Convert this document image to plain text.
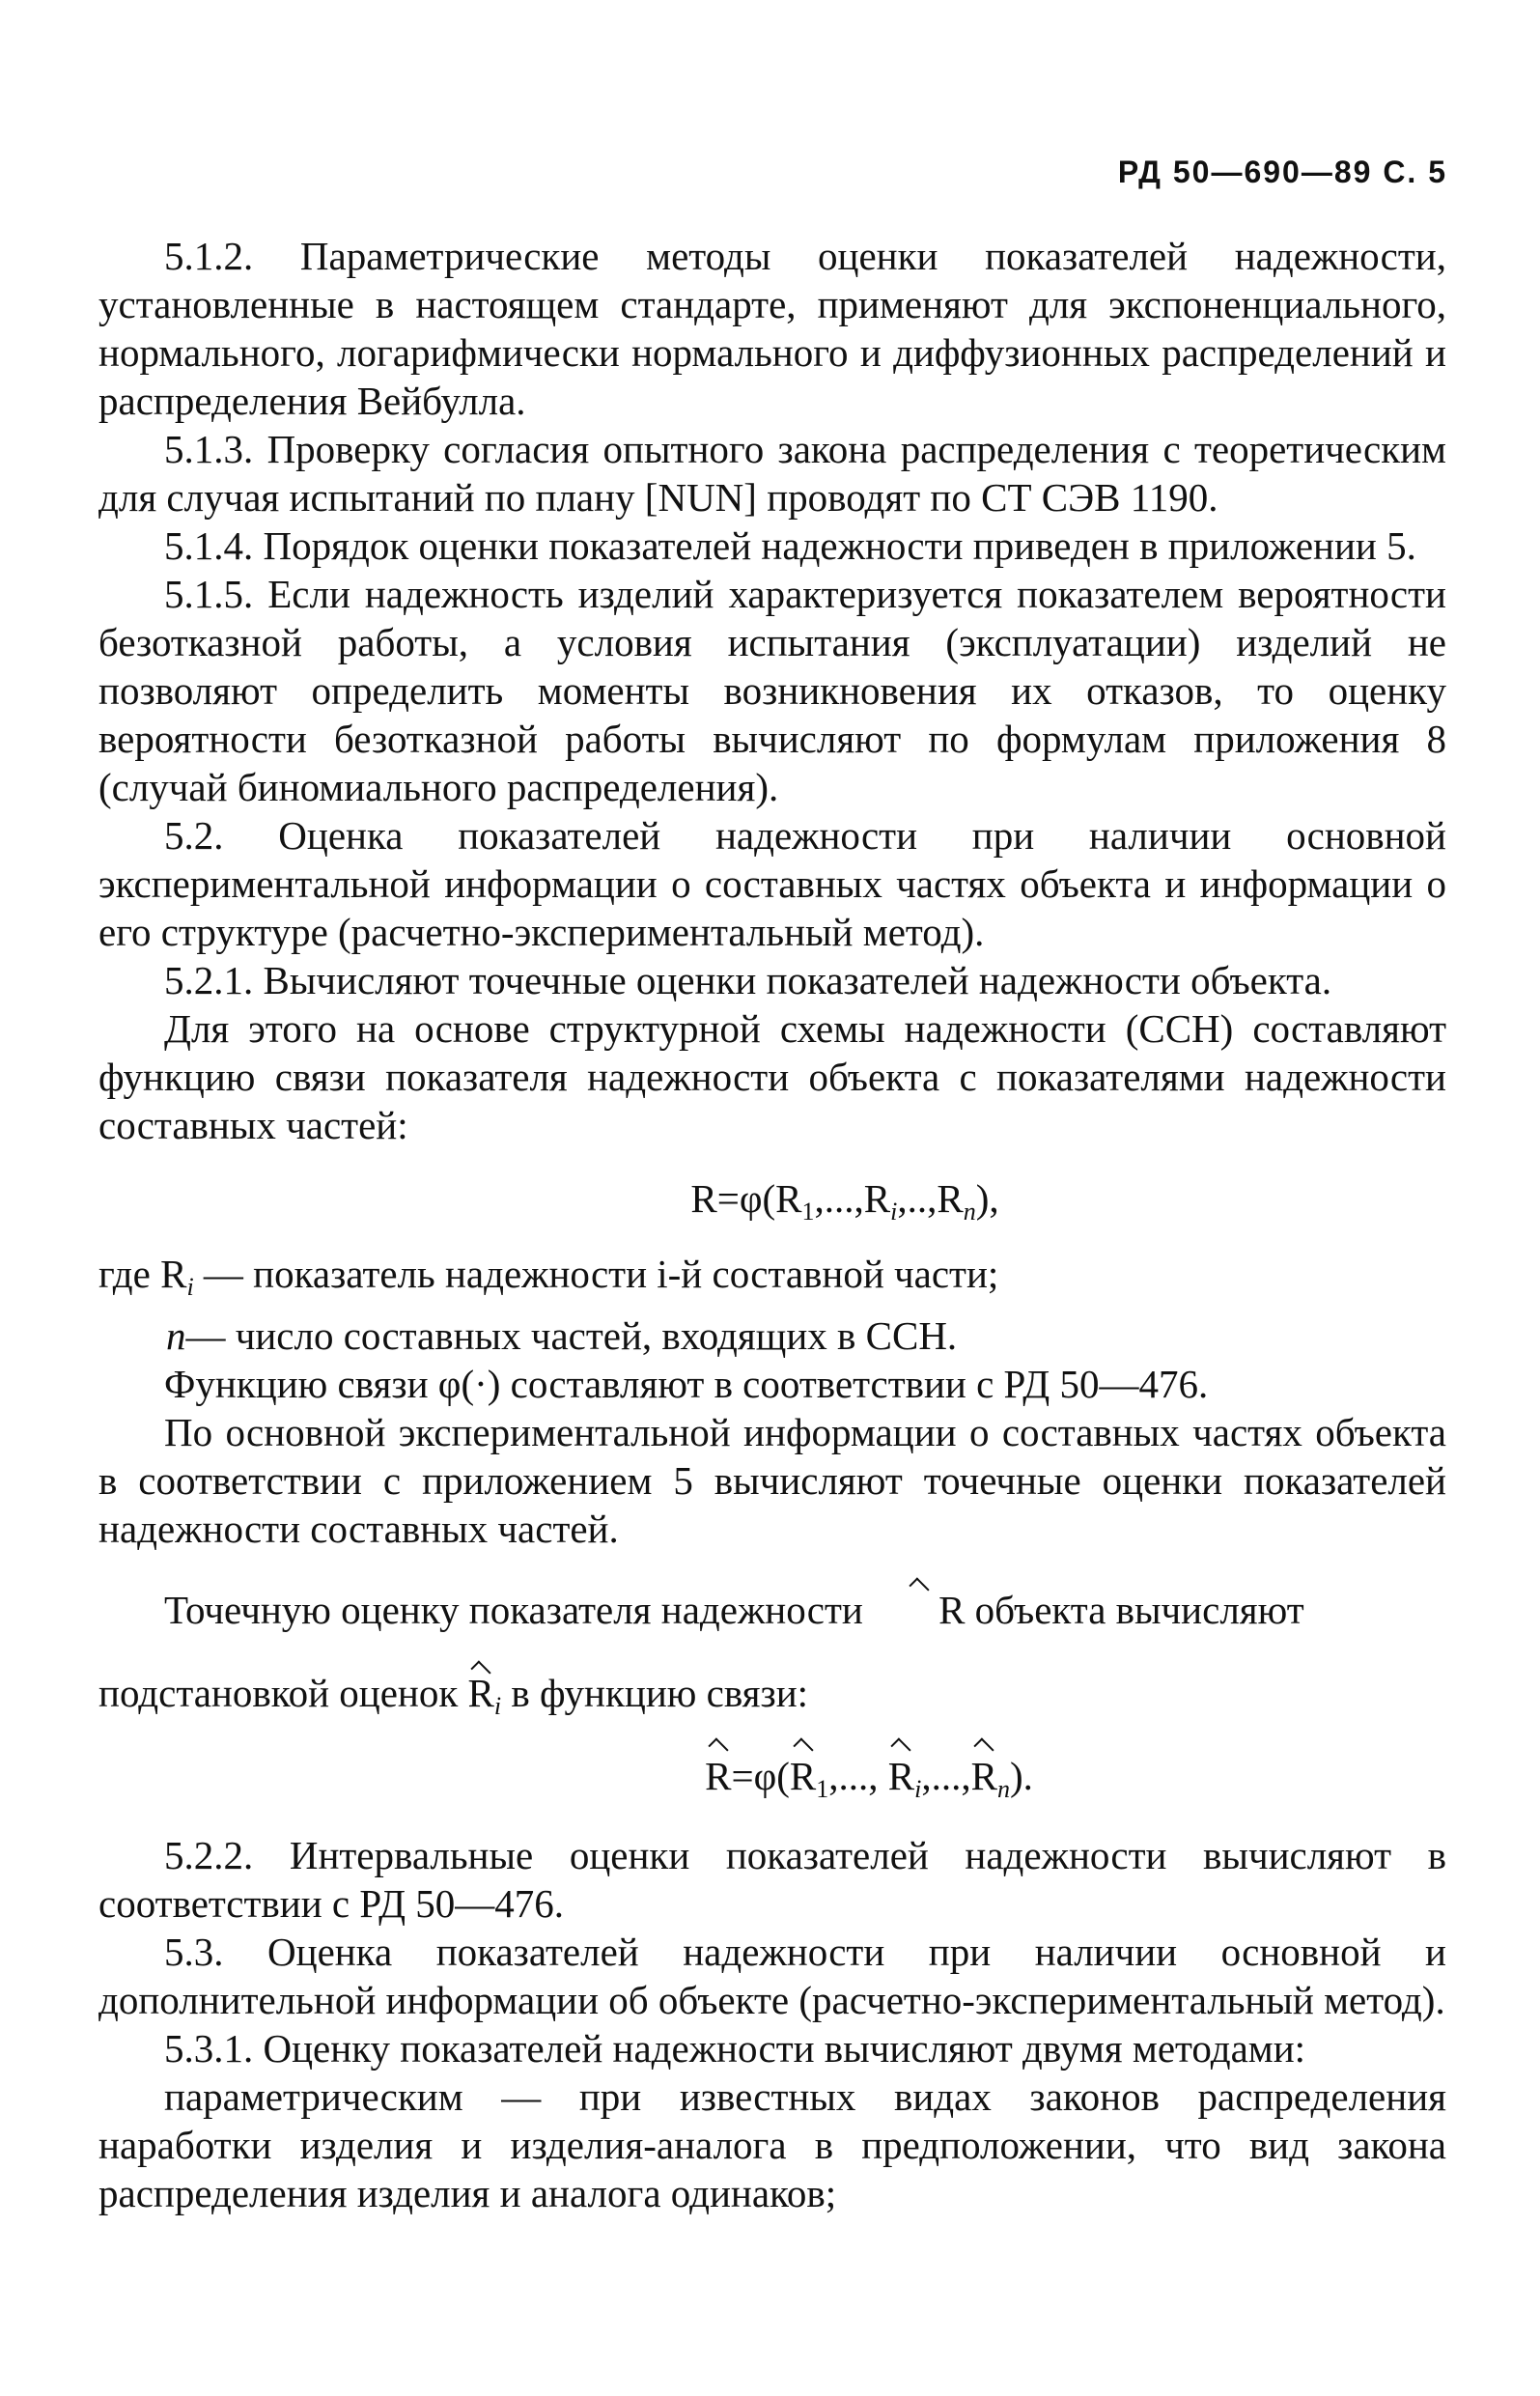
РД 50—690—89 С. 5

5.1.2. Параметрические методы оценки показателей надежности, установленные в настоящем стандарте, применяют для экспоненциального, нормального, логарифмически нормального и диффузионных распределений и распределения Вейбулла.

5.1.3. Проверку согласия опытного закона распределения с теоретическим для случая испытаний по плану [NUN] проводят по СТ СЭВ 1190.

5.1.4. Порядок оценки показателей надежности приведен в приложении 5.

5.1.5. Если надежность изделий характеризуется показателем вероятности безотказной работы, а условия испытания (эксплуатации) изделий не позволяют определить моменты возникновения их отказов, то оценку вероятности безотказной работы вычисляют по формулам приложения 8 (случай биномиального распределения).

5.2. Оценка показателей надежности при наличии основной экспериментальной информации о составных частях объекта и информации о его структуре (расчетно-экспериментальный метод).

5.2.1. Вычисляют точечные оценки показателей надежности объекта.

Для этого на основе структурной схемы надежности (ССН) составляют функцию связи показателя надежности объекта с показателями надежности составных частей:

$R=\varphi(R_1,...,R_i,..,R_n)$,

где $R_i$ — показатель надежности i-й составной части;

n— число составных частей, входящих в ССН.

Функцию связи φ(·) составляют в соответствии с РД 50—476.

По основной экспериментальной информации о составных частях объекта в соответствии с приложением 5 вычисляют точечные оценки показателей надежности составных частей.

Точечную оценку показателя надежности R объекта вычисляют

подстановкой оценок $R_i$ в функцию связи:

$R=\varphi(R_1$,..., $R_i,...,R_n$).

5.2.2. Интервальные оценки показателей надежности вычисляют в соответствии с РД 50—476.

5.3. Оценка показателей надежности при наличии основной и дополнительной информации об объекте (расчетно-экспериментальный метод).

5.3.1. Оценку показателей надежности вычисляют двумя методами:

параметрическим — при известных видах законов распределения наработки изделия и изделия-аналога в предположении, что вид закона распределения изделия и аналога одинаков;
